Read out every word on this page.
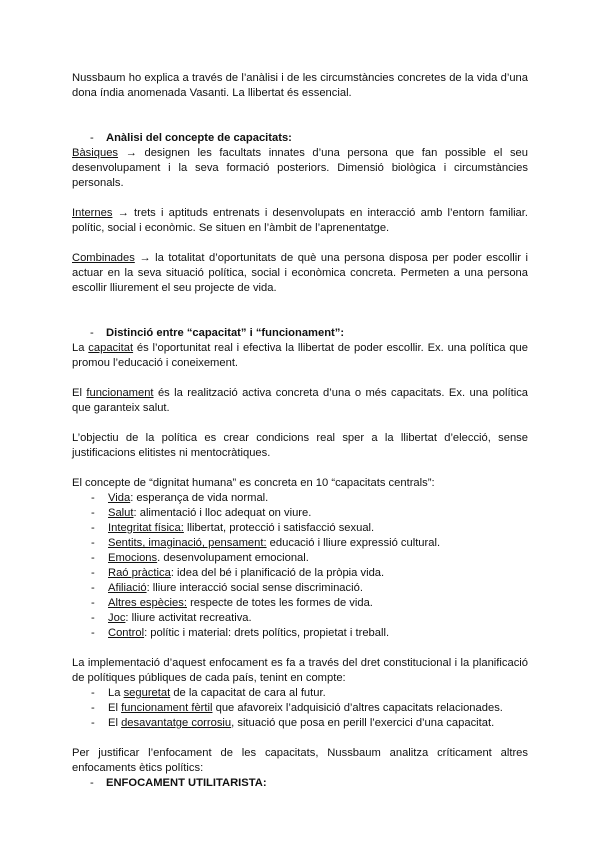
Nussbaum ho explica a través de l’anàlisi i de les circumstàncies concretes de la vida d’una dona índia anomenada Vasanti. La llibertat és essencial.

-	Anàlisi del concepte de capacitats:

Bàsiques → designen les facultats innates d’una persona que fan possible el seu desenvolupament i la seva formació posteriors. Dimensió biològica i circumstàncies personals.

Internes → trets i aptituds entrenats i desenvolupats en interacció amb l’entorn familiar. polític, social i econòmic. Se situen en l’àmbit de l’aprenentatge.

Combinades → la totalitat d’oportunitats de què una persona disposa per poder escollir i actuar en la seva situació política, social i econòmica concreta. Permeten a una persona escollir lliurement el seu projecte de vida.

-	Distinció entre “capacitat” i “funcionament”:

La capacitat és l’oportunitat real i efectiva la llibertat de poder escollir. Ex. una política que promou l’educació i coneixement.

El funcionament és la realització activa concreta d’una o més capacitats. Ex. una política que garanteix salut.

L’objectiu de la política es crear condicions real sper a la llibertat d’elecció, sense justificacions elitistes ni mentocràtiques.

El concepte de “dignitat humana” es concreta en 10 “capacitats centrals”:

-	Vida: esperança de vida normal.
-	Salut: alimentació i lloc adequat on viure.
-	Integritat física: llibertat, protecció i satisfacció sexual.
-	Sentits, imaginació, pensament: educació i lliure expressió cultural.
-	Emocions. desenvolupament emocional.
-	Raó pràctica: idea del bé i planificació de la pròpia vida.
-	Afiliació: lliure interacció social sense discriminació.
-	Altres espècies: respecte de totes les formes de vida.
-	Joc: lliure activitat recreativa.
-	Control: polític i material: drets polítics, propietat i treball.

La implementació d’aquest enfocament es fa a través del dret constitucional i la planificació de polítiques públiques de cada país, tenint en compte:

-	La seguretat de la capacitat de cara al futur.
-	El funcionament fèrtil que afavoreix l’adquisició d’altres capacitats relacionades.
-	El desavantatge corrosiu, situació que posa en perill l’exercici d’una capacitat.

Per justificar l’enfocament de les capacitats, Nussbaum analitza críticament altres enfocaments ètics polítics:

-	ENFOCAMENT UTILITARISTA:
